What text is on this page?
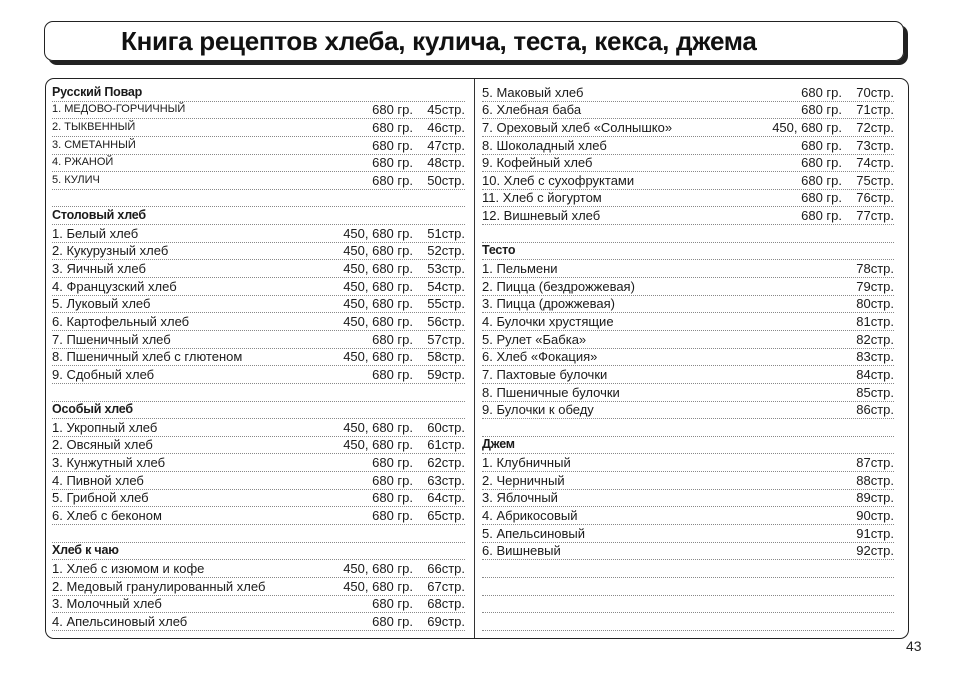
Книга рецептов хлеба, кулича, теста, кекса, джема
Русский Повар
1. МЕДОВО-ГОРЧИЧНЫЙ	680 гр.	45стр.
2. ТЫКВЕННЫЙ	680 гр.	46стр.
3. СМЕТАННЫЙ	680 гр.	47стр.
4. РЖАНОЙ	680 гр.	48стр.
5. КУЛИЧ	680 гр.	50стр.
Столовый хлеб
1. Белый хлеб	450, 680 гр.	51стр.
2. Кукурузный хлеб	450, 680 гр.	52стр.
3. Яичный хлеб	450, 680 гр.	53стр.
4. Французский хлеб	450, 680 гр.	54стр.
5. Луковый хлеб	450, 680 гр.	55стр.
6. Картофельный хлеб	450, 680 гр.	56стр.
7. Пшеничный хлеб	680 гр.	57стр.
8. Пшеничный хлеб с глютеном	450, 680 гр.	58стр.
9. Сдобный хлеб	680 гр.	59стр.
Особый хлеб
1. Укропный хлеб	450, 680 гр.	60стр.
2. Овсяный хлеб	450, 680 гр.	61стр.
3. Кунжутный хлеб	680 гр.	62стр.
4. Пивной хлеб	680 гр.	63стр.
5. Грибной хлеб	680 гр.	64стр.
6. Хлеб с беконом	680 гр.	65стр.
Хлеб к чаю
1. Хлеб с изюмом и кофе	450, 680 гр.	66стр.
2. Медовый гранулированный хлеб	450, 680 гр.	67стр.
3. Молочный хлеб	680 гр.	68стр.
4. Апельсиновый хлеб	680 гр.	69стр.
5. Маковый хлеб	680 гр.	70стр.
6. Хлебная баба	680 гр.	71стр.
7. Ореховый хлеб «Солнышко»	450, 680 гр.	72стр.
8. Шоколадный хлеб	680 гр.	73стр.
9. Кофейный хлеб	680 гр.	74стр.
10. Хлеб с сухофруктами	680 гр.	75стр.
11. Хлеб с йогуртом	680 гр.	76стр.
12. Вишневый хлеб	680 гр.	77стр.
Тесто
1. Пельмени	78стр.
2. Пицца (бездрожжевая)	79стр.
3. Пицца (дрожжевая)	80стр.
4. Булочки хрустящие	81стр.
5. Рулет «Бабка»	82стр.
6. Хлеб «Фокация»	83стр.
7. Пахтовые булочки	84стр.
8. Пшеничные булочки	85стр.
9. Булочки к обеду	86стр.
Джем
1. Клубничный	87стр.
2. Черничный	88стр.
3. Яблочный	89стр.
4. Абрикосовый	90стр.
5. Апельсиновый	91стр.
6. Вишневый	92стр.
43
